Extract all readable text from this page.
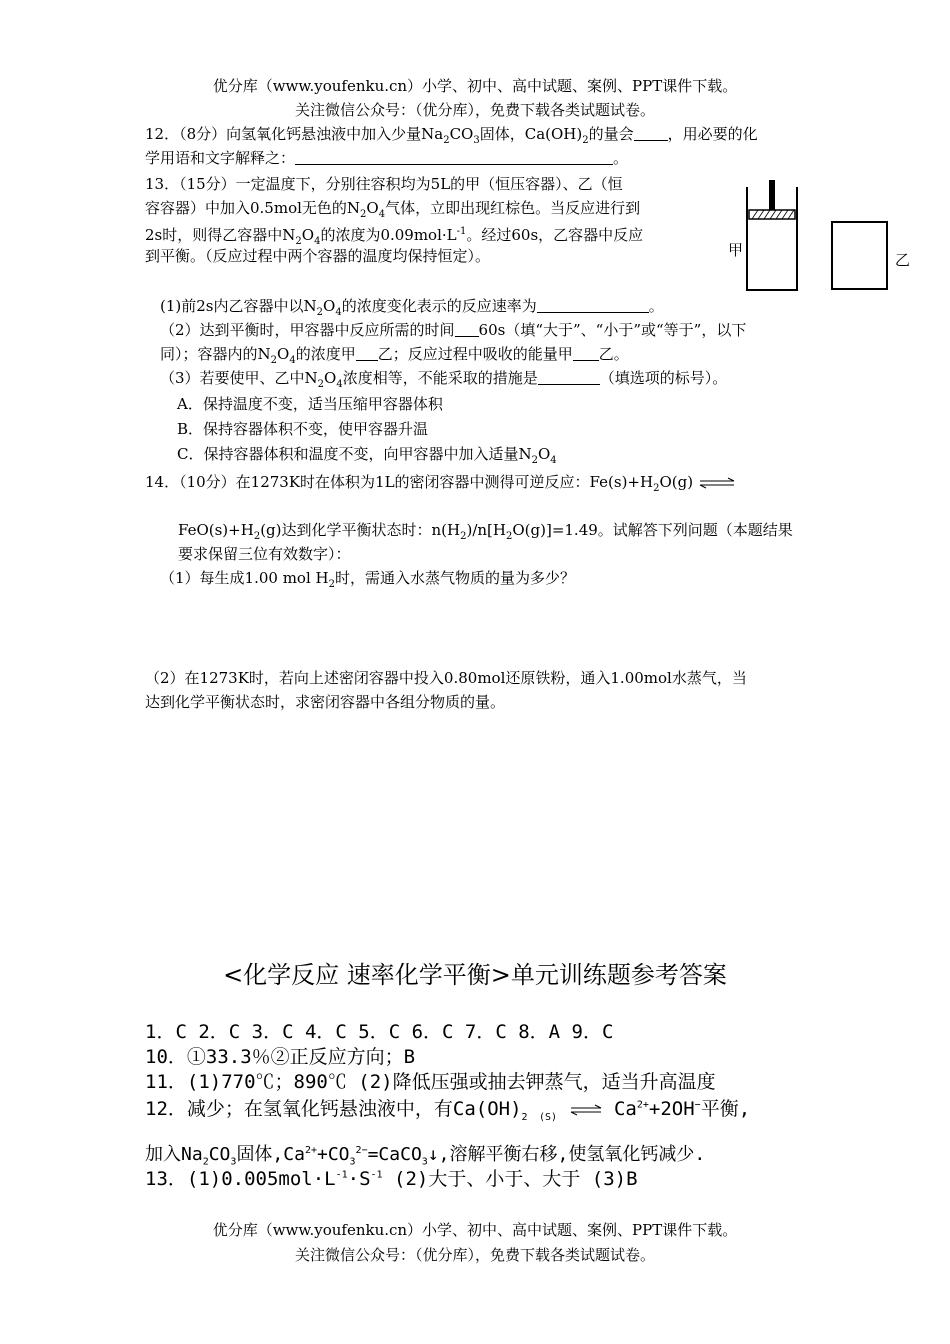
优分库（www.youfenku.cn）小学、初中、高中试题、案例、PPT课件下载。
关注微信公众号：（优分库），免费下载各类试题试卷。
12．（8分）向氢氧化钙悬浊液中加入少量$Na_2CO_3$固体，$Ca(OH)_2$的量会 ，用必要的化
学用语和文字解释之：	。
13．（15分）一定温度下，分别往容积均为5L的甲（恒压容器）、乙（恒
容容器）中加入0.5mol无色的$N_2O_4$气体，立即出现红棕色。当反应进行到
2s时，则得乙容器中$N_2O_4$的浓度为$0.09mol\cdot L^{-1}$。经过60s，乙容器中反应
到平衡。（反应过程中两个容器的温度均保持恒定）。	甲
乙
(1)前2s内乙容器中以$N_2O_4$的浓度变化表示的反应速率为	。
（2）达到平衡时，甲容器中反应所需的时间 60s（填“大于”、“小于”或“等于”，以下
同）；容器内的$N_2O_4$的浓度甲 乙；反应过程中吸收的能量甲 乙。
（3）若要使甲、乙中$N_2O_4$浓度相等，不能采取的措施是	（填选项的标号）。
A．保持温度不变，适当压缩甲容器体积
B．保持容器体积不变，使甲容器升温
C．保持容器体积和温度不变，向甲容器中加入适量$N_2O_4$
14．（10分）在1273K时在体积为1L的密闭容器中测得可逆反应：$Fe(s)+H_2O(g)$ ⇌
$FeO(s)+H_2(g)$达到化学平衡状态时：$n(H_2)/n[H_2O(g)]=1.49$。试解答下列问题（本题结果
要求保留三位有效数字）：
（1）每生成1.00 mol $H_2$时，需通入水蒸气物质的量为多少？
（2）在1273K时，若向上述密闭容器中投入0.80mol还原铁粉，通入1.00mol水蒸气，当
达到化学平衡状态时，求密闭容器中各组分物质的量。
<化学反应 速率化学平衡>单元训练题参考答案
1．C 2．C 3．C 4．C 5．C 6．C 7．C 8．A 9．C
10．①33.3％②正反应方向；B
11．(1)770℃；890℃ (2)降低压强或抽去钾蒸气，适当升高温度
12．减少；在氢氧化钙悬浊液中，有$Ca(OH)_2$ $_{(S)}$ ⇌ $Ca^{2+}+2OH^-$平衡,
加入$Na_2CO_3$固体$,Ca^{2+}+CO_3^{2-}=CaCO_3↓$,溶解平衡右移,使氢氧化钙减少.
13．$(1)0.005mol\cdot L^{-1}\cdot S^{-1}$ (2)大于、小于、大于 (3)B
优分库（www.youfenku.cn）小学、初中、高中试题、案例、PPT课件下载。
关注微信公众号：（优分库），免费下载各类试题试卷。
